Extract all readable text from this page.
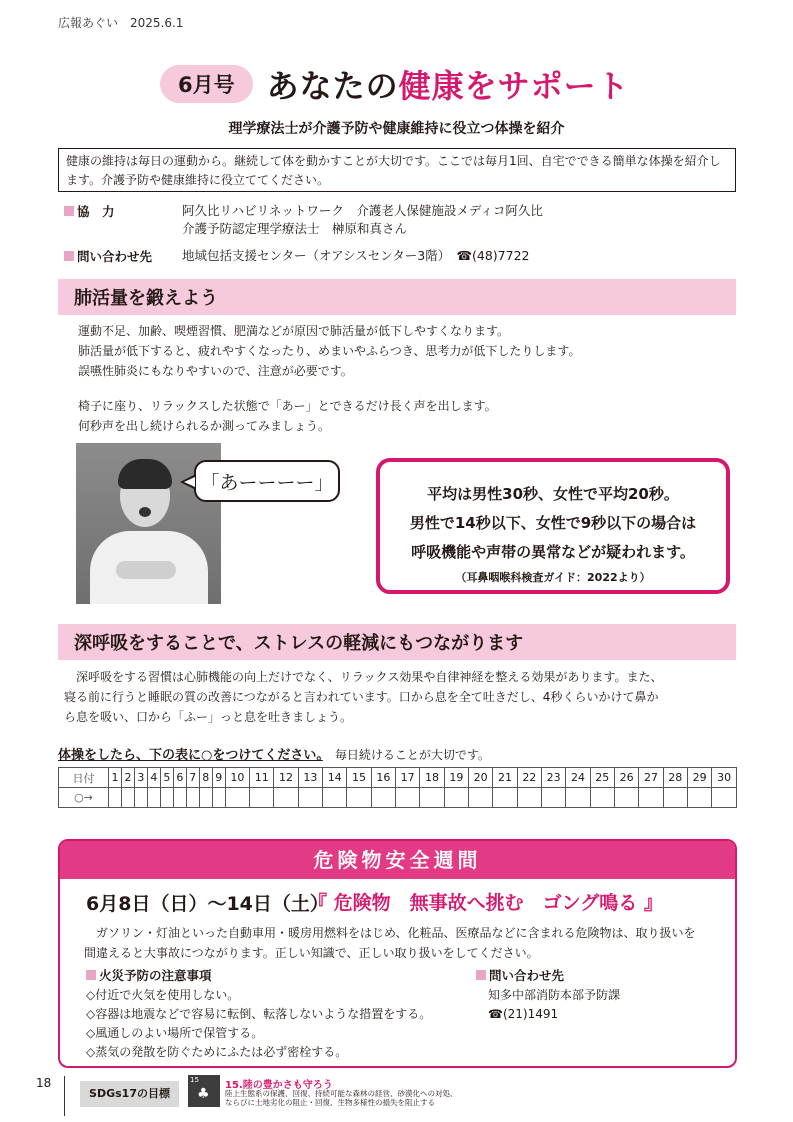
広報あぐい　2025.6.1
6月号	あなたの健康をサポート
理学療法士が介護予防や健康維持に役立つ体操を紹介
健康の維持は毎日の運動から。継続して体を動かすことが大切です。ここでは毎月1回、自宅でできる簡単な体操を紹介します。介護予防や健康維持に役立ててください。
協　力	阿久比リハビリネットワーク　介護老人保健施設メディコ阿久比
介護予防認定理学療法士　榊原和真さん
問い合わせ先	地域包括支援センター（オアシスセンター3階）　☎(48)7722
肺活量を鍛えよう
運動不足、加齢、喫煙習慣、肥満などが原因で肺活量が低下しやすくなります。
肺活量が低下すると、疲れやすくなったり、めまいやふらつき、思考力が低下したりします。
誤嚥性肺炎にもなりやすいので、注意が必要です。
椅子に座り、リラックスした状態で「あー」とできるだけ長く声を出します。
何秒声を出し続けられるか測ってみましょう。
「あーーーー」
平均は男性30秒、女性で平均20秒。
男性で14秒以下、女性で9秒以下の場合は
呼吸機能や声帯の異常などが疑われます。
（耳鼻咽喉科検査ガイド：2022より）
深呼吸をすることで、ストレスの軽減にもつながります
　深呼吸をする習慣は心肺機能の向上だけでなく、リラックス効果や自律神経を整える効果があります。また、
寝る前に行うと睡眠の質の改善につながると言われています。口から息を全て吐きだし、4秒くらいかけて鼻か
ら息を吸い、口から「ふー」っと息を吐きましょう。
体操をしたら、下の表に○をつけてください。　毎日続けることが大切です。
日付	1	2	3	4	5	6	7	8	9	10	11	12	13	14	15	16	17	18	19	20	21	22	23	24	25	26	27	28	29	30
○→																														
危険物安全週間
6月8日（日）～14日（土）
『 危険物　無事故へ挑む　ゴング鳴る 』
　ガソリン・灯油といった自動車用・暖房用燃料をはじめ、化粧品、医療品などに含まれる危険物は、取り扱いを
間違えると大事故につながります。正しい知識で、正しい取り扱いをしてください。
火災予防の注意事項
◇付近で火気を使用しない。
◇容器は地震などで容易に転倒、転落しないような措置をする。
◇風通しのよい場所で保管する。
◇蒸気の発散を防ぐためにふたは必ず密栓する。
問い合わせ先
知多中部消防本部予防課
☎(21)1491
18
SDGs17の目標
15
♣
15.陸の豊かさも守ろう
陸上生態系の保護、回復、持続可能な森林の経営、砂漠化への対処、
ならびに土地劣化の阻止・回復、生物多様性の損失を阻止する
